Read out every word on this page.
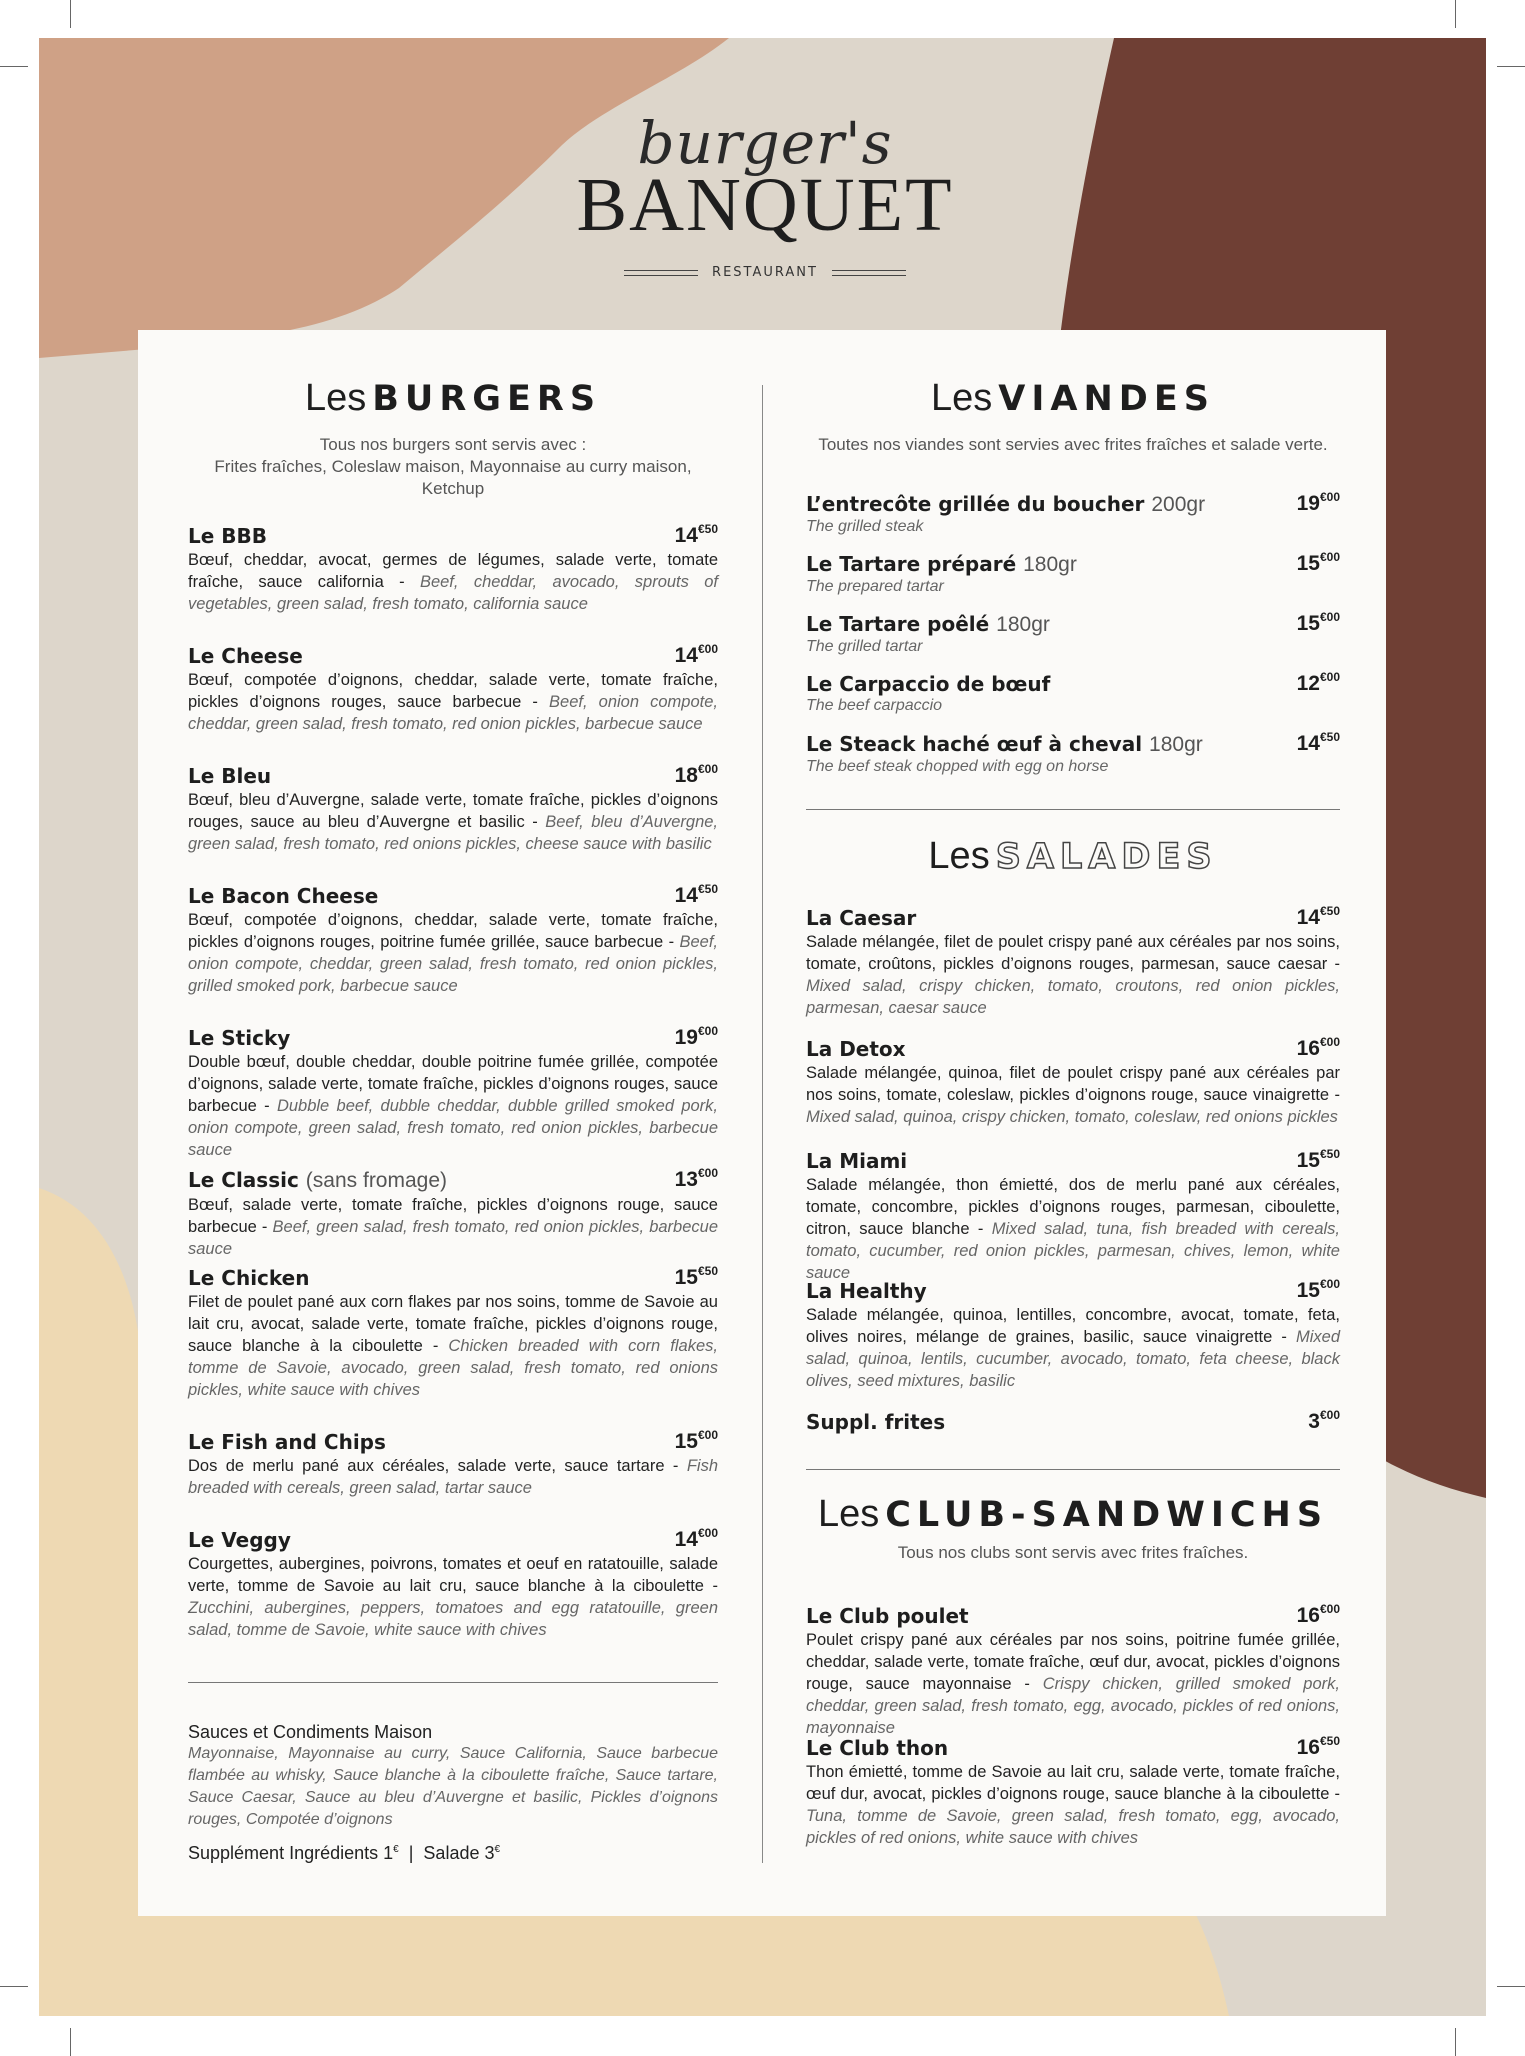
burger's
BANQUET
RESTAURANT
Les BURGERS
Tous nos burgers sont servis avec :
Frites fraîches, Coleslaw maison, Mayonnaise au curry maison, Ketchup
Le BBB	$14^{€50}$
Bœuf, cheddar, avocat, germes de légumes, salade verte, tomate fraîche, sauce california - Beef, cheddar, avocado, sprouts of vegetables, green salad, fresh tomato, california sauce
Le Cheese	$14^{€00}$
Bœuf, compotée d’oignons, cheddar, salade verte, tomate fraîche, pickles d’oignons rouges, sauce barbecue - Beef, onion compote, cheddar, green salad, fresh tomato, red onion pickles, barbecue sauce
Le Bleu	$18^{€00}$
Bœuf, bleu d’Auvergne, salade verte, tomate fraîche, pickles d’oignons rouges, sauce au bleu d’Auvergne et basilic - Beef, bleu d’Auvergne, green salad, fresh tomato, red onions pickles, cheese sauce with basilic
Le Bacon Cheese	$14^{€50}$
Bœuf, compotée d’oignons, cheddar, salade verte, tomate fraîche, pickles d’oignons rouges, poitrine fumée grillée, sauce barbecue - Beef, onion compote, cheddar, green salad, fresh tomato, red onion pickles, grilled smoked pork, barbecue sauce
Le Sticky	$19^{€00}$
Double bœuf, double cheddar, double poitrine fumée grillée, compotée d’oignons, salade verte, tomate fraîche, pickles d’oignons rouges, sauce barbecue - Dubble beef, dubble cheddar, dubble grilled smoked pork, onion compote, green salad, fresh tomato, red onion pickles, barbecue sauce
Le Classic (sans fromage)	$13^{€00}$
Bœuf, salade verte, tomate fraîche, pickles d’oignons rouge, sauce barbecue - Beef, green salad, fresh tomato, red onion pickles, barbecue sauce
Le Chicken	$15^{€50}$
Filet de poulet pané aux corn flakes par nos soins, tomme de Savoie au lait cru, avocat, salade verte, tomate fraîche, pickles d’oignons rouge, sauce blanche à la ciboulette - Chicken breaded with corn flakes, tomme de Savoie, avocado, green salad, fresh tomato, red onions pickles, white sauce with chives
Le Fish and Chips	$15^{€00}$
Dos de merlu pané aux céréales, salade verte, sauce tartare - Fish breaded with cereals, green salad, tartar sauce
Le Veggy	$14^{€00}$
Courgettes, aubergines, poivrons, tomates et oeuf en ratatouille, salade verte, tomme de Savoie au lait cru, sauce blanche à la ciboulette - Zucchini, aubergines, peppers, tomatoes and egg ratatouille, green salad, tomme de Savoie, white sauce with chives
Sauces et Condiments Maison
Mayonnaise, Mayonnaise au curry, Sauce California, Sauce barbecue flambée au whisky, Sauce blanche à la ciboulette fraîche, Sauce tartare, Sauce Caesar, Sauce au bleu d’Auvergne et basilic, Pickles d’oignons rouges, Compotée d’oignons
Supplément Ingrédients 1€ | Salade 3€
Les VIANDES
Toutes nos viandes sont servies avec frites fraîches et salade verte.
L’entrecôte grillée du boucher 200gr	$19^{€00}$
The grilled steak
Le Tartare préparé 180gr	$15^{€00}$
The prepared tartar
Le Tartare poêlé 180gr	$15^{€00}$
The grilled tartar
Le Carpaccio de bœuf	$12^{€00}$
The beef carpaccio
Le Steack haché œuf à cheval 180gr	$14^{€50}$
The beef steak chopped with egg on horse
Les SALADES
La Caesar	$14^{€50}$
Salade mélangée, filet de poulet crispy pané aux céréales par nos soins, tomate, croûtons, pickles d’oignons rouges, parmesan, sauce caesar - Mixed salad, crispy chicken, tomato, croutons, red onion pickles, parmesan, caesar sauce
La Detox	$16^{€00}$
Salade mélangée, quinoa, filet de poulet crispy pané aux céréales par nos soins, tomate, coleslaw, pickles d’oignons rouge, sauce vinaigrette - Mixed salad, quinoa, crispy chicken, tomato, coleslaw, red onions pickles
La Miami	$15^{€50}$
Salade mélangée, thon émietté, dos de merlu pané aux céréales, tomate, concombre, pickles d’oignons rouges, parmesan, ciboulette, citron, sauce blanche - Mixed salad, tuna, fish breaded with cereals, tomato, cucumber, red onion pickles, parmesan, chives, lemon, white sauce
La Healthy	$15^{€00}$
Salade mélangée, quinoa, lentilles, concombre, avocat, tomate, feta, olives noires, mélange de graines, basilic, sauce vinaigrette - Mixed salad, quinoa, lentils, cucumber, avocado, tomato, feta cheese, black olives, seed mixtures, basilic
Suppl. frites	$3^{€00}$
Les CLUB-SANDWICHS
Tous nos clubs sont servis avec frites fraîches.
Le Club poulet	$16^{€00}$
Poulet crispy pané aux céréales par nos soins, poitrine fumée grillée, cheddar, salade verte, tomate fraîche, œuf dur, avocat, pickles d’oignons rouge, sauce mayonnaise - Crispy chicken, grilled smoked pork, cheddar, green salad, fresh tomato, egg, avocado, pickles of red onions, mayonnaise
Le Club thon	$16^{€50}$
Thon émietté, tomme de Savoie au lait cru, salade verte, tomate fraîche, œuf dur, avocat, pickles d’oignons rouge, sauce blanche à la ciboulette - Tuna, tomme de Savoie, green salad, fresh tomato, egg, avocado, pickles of red onions, white sauce with chives
